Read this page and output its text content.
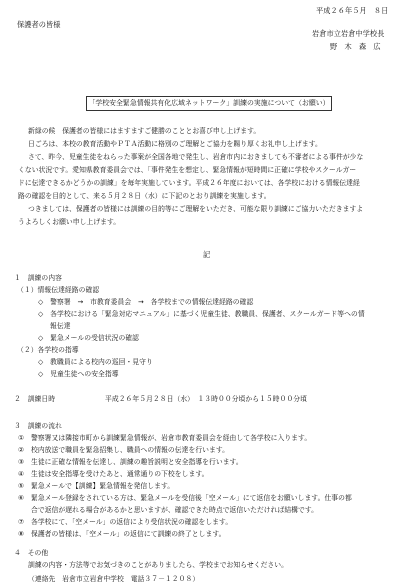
平成２６年５月　８日
保護者の皆様
岩倉市立岩倉中学校長
野　木　森　広
「学校安全緊急情報共有化広域ネットワーク」訓練の実施について（お願い）
新緑の候　保護者の皆様にはますますご健勝のこととお喜び申し上げます。
日ごろは、本校の教育活動やＰＴＡ活動に格別のご理解とご協力を賜り厚くお礼申し上げます。
さて、昨今、児童生徒をねらった事案が全国各地で発生し、岩倉市内におきましても不審者による事件が少な
くない状況です。愛知県教育委員会では、「事件発生を想定し、緊急情報が短時間に正確に学校やスクールガー
ドに伝達できるかどうかの訓練」を毎年実施しています。平成２６年度においては、各学校における情報伝達経
路の確認を目的として、来る５月２８日（水）に下記のとおり訓練を実施します。
つきましては、保護者の皆様には訓練の目的等にご理解をいただき、可能な限り訓練にご協力いただきますよ
うよろしくお願い申し上げます。
記
１　訓練の内容
（１）情報伝達経路の確認
◇　警察署　→　市教育委員会　→　各学校までの情報伝達経路の確認
◇　各学校における「緊急対応マニュアル」に基づく児童生徒、教職員、保護者、スクールガード等への情
報伝達
◇　緊急メールの受信状況の確認
（２）各学校の指導
◇　教職員による校内の巡回・見守り
◇　児童生徒への安全指導
２　訓練日時	平成２６年５月２８日（水）　１３時００分頃から１５時００分頃
３　訓練の流れ
①　警察署又は隣接市町から訓練緊急情報が、岩倉市教育委員会を経由して各学校に入ります。
②　校内放送で職員を緊急招集し、職員への情報の伝達を行います。
③　生徒に正確な情報を伝達し、訓練の趣旨説明と安全指導を行います。
④　生徒は安全指導を受けたあと、通常通りの下校をします。
⑤　緊急メールで【訓練】緊急情報を発信します。
⑥　緊急メール登録をされている方は、緊急メールを受信後「空メール」にて返信をお願いします。仕事の都
合で返信が遅れる場合があるかと思いますが、確認できた時点で返信いただければ結構です。
⑦　各学校にて、「空メール」の返信により受信状況の確認をします。
⑧　保護者の皆様は、「空メール」の返信にて訓練の終了とします。
４　その他
訓練の内容・方法等でお気づきのことがありましたら、学校までお知らせください。
（連絡先　岩倉市立岩倉中学校　電話３７－１２０８）
